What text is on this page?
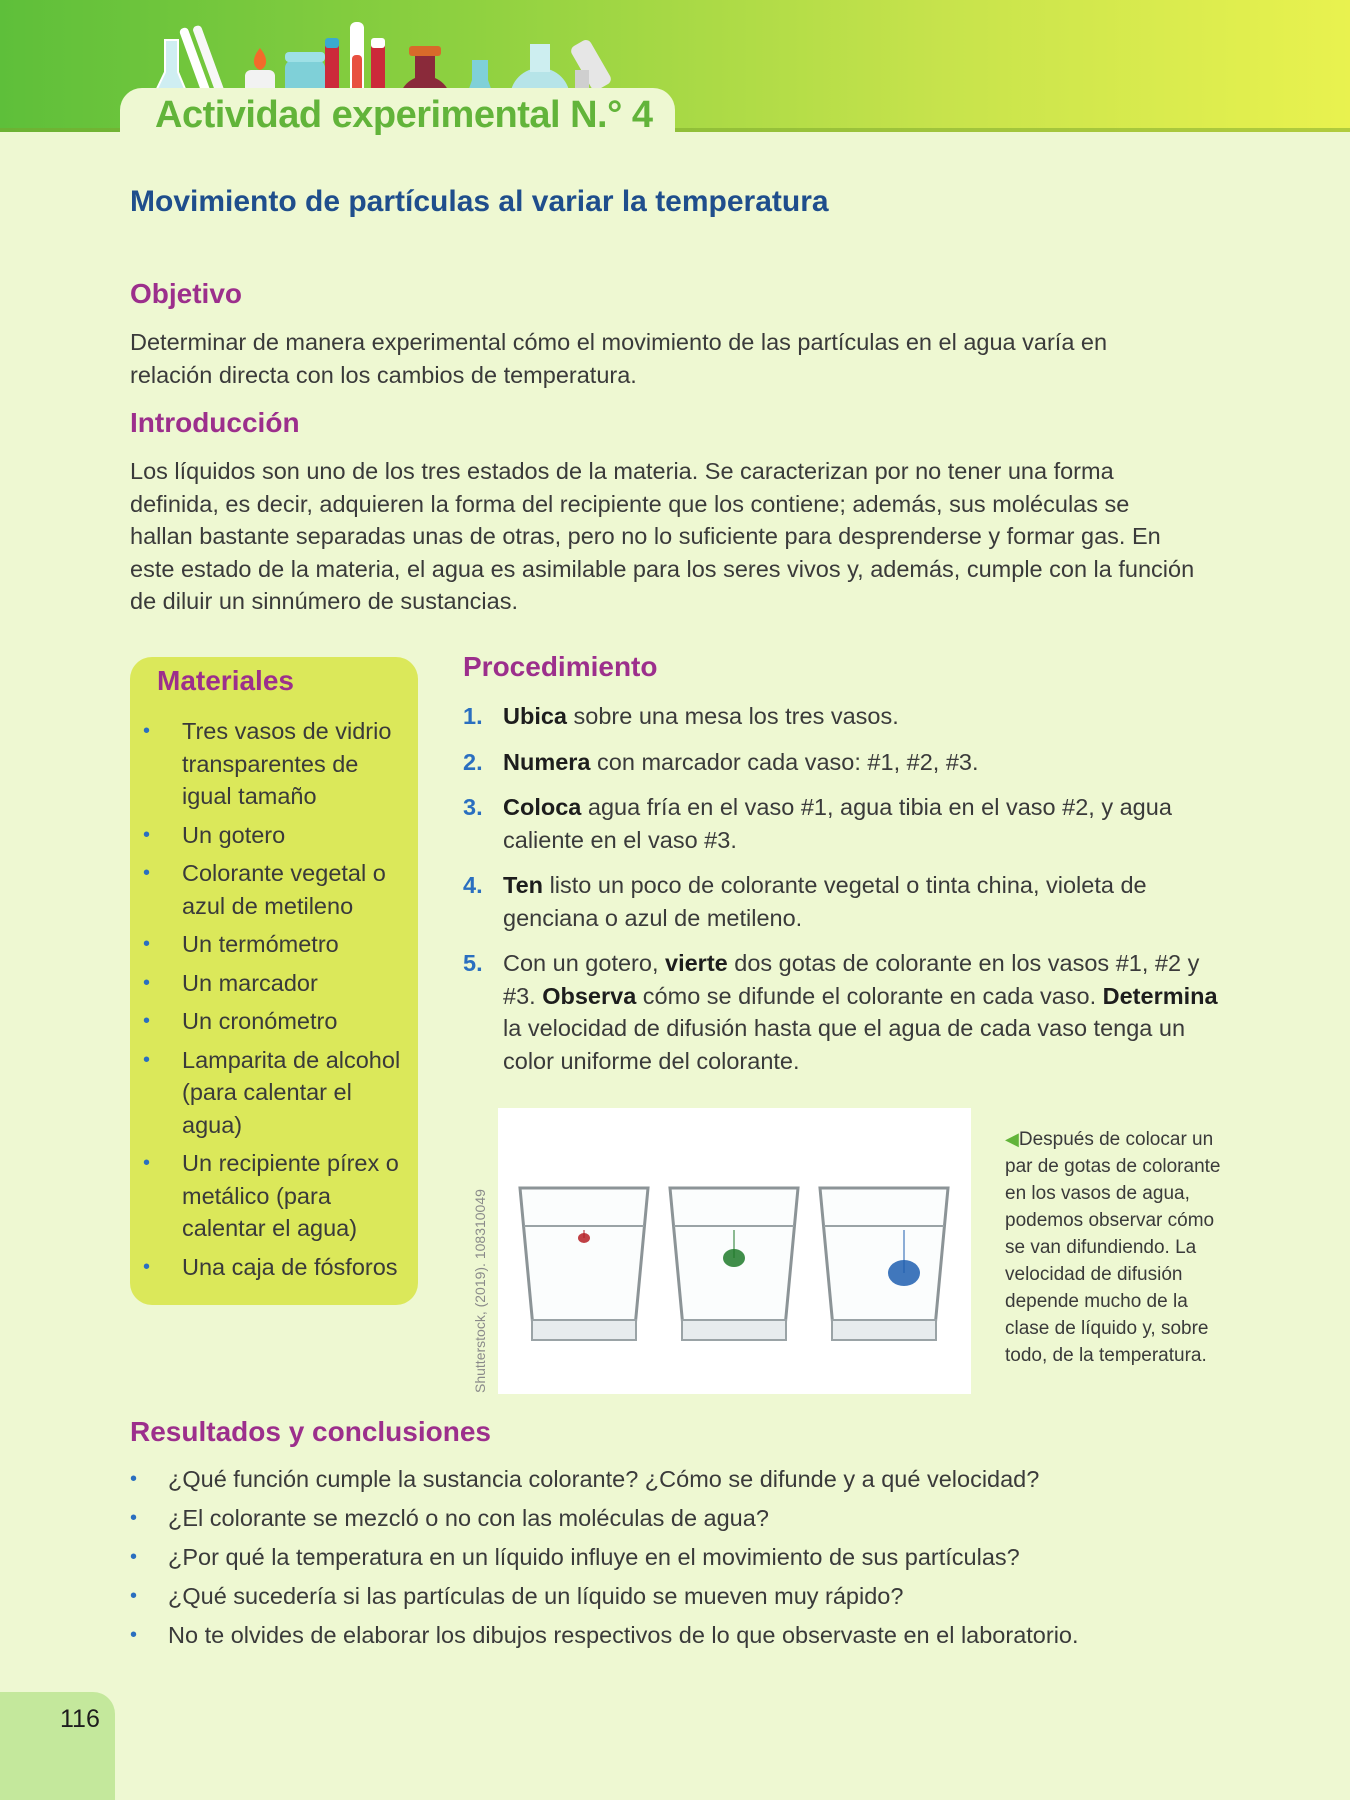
Actividad experimental N.° 4
Movimiento de partículas al variar la temperatura
Objetivo

Determinar de manera experimental cómo el movimiento de las partículas en el agua varía en
relación directa con los cambios de temperatura.

Introducción

Los líquidos son uno de los tres estados de la materia. Se caracterizan por no tener una forma
definida, es decir, adquieren la forma del recipiente que los contiene; además, sus moléculas se
hallan bastante separadas unas de otras, pero no lo suficiente para desprenderse y formar gas. En
este estado de la materia, el agua es asimilable para los seres vivos y, además, cumple con la función
de diluir un sinnúmero de sustancias.

Materiales
• Tres vasos de vidrio transparentes de igual tamaño
• Un gotero
• Colorante vegetal o azul de metileno
• Un termómetro
• Un marcador
• Un cronómetro
• Lamparita de alcohol (para calentar el agua)
• Un recipiente pírex o metálico (para calentar el agua)
• Una caja de fósforos
Procedimiento
1. Ubica sobre una mesa los tres vasos.
2. Numera con marcador cada vaso: #1, #2, #3.
3. Coloca agua fría en el vaso #1, agua tibia en el vaso #2, y agua caliente en el vaso #3.
4. Ten listo un poco de colorante vegetal o tinta china, violeta de genciana o azul de metileno.
5. Con un gotero, vierte dos gotas de colorante en los vasos #1, #2 y #3. Observa cómo se difunde el colorante en cada vaso. Determina la velocidad de difusión hasta que el agua de cada vaso tenga un color uniforme del colorante.
Shutterstock, (2019). 108310049
◀Después de colocar un par de gotas de colorante en los vasos de agua, podemos observar cómo se van difundiendo. La velocidad de difusión depende mucho de la clase de líquido y, sobre todo, de la temperatura.
Resultados y conclusiones
• ¿Qué función cumple la sustancia colorante? ¿Cómo se difunde y a qué velocidad?
• ¿El colorante se mezcló o no con las moléculas de agua?
• ¿Por qué la temperatura en un líquido influye en el movimiento de sus partículas?
• ¿Qué sucedería si las partículas de un líquido se mueven muy rápido?
• No te olvides de elaborar los dibujos respectivos de lo que observaste en el laboratorio.
116
